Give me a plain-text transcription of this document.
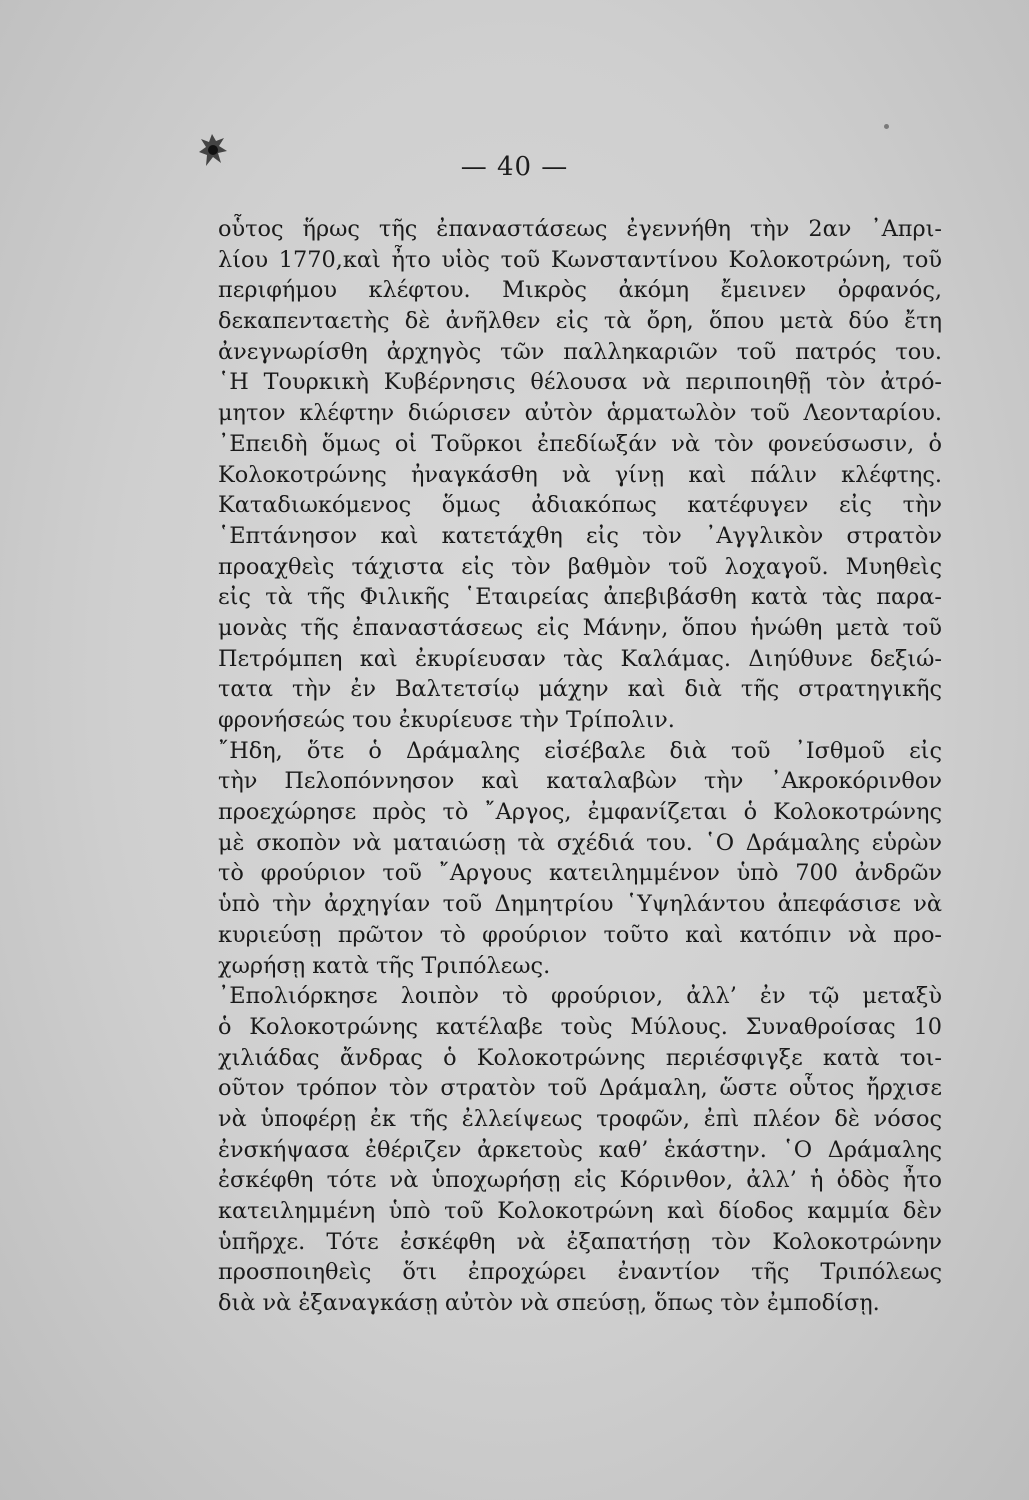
— 40 —
οὗτος ἥρως τῆς ἐπαναστάσεως ἐγεννήθη τὴν 2αν ᾿Απρι-
λίου 1770,καὶ ἦτο υἱὸς τοῦ Κωνσταντίνου Κολοκοτρώνη, τοῦ
περιφήμου κλέφτου. Μικρὸς ἀκόμη ἔμεινεν ὀρφανός,
δεκαπενταετὴς δὲ ἀνῆλθεν εἰς τὰ ὄρη, ὅπου μετὰ δύο ἔτη
ἀνεγνωρίσθη ἀρχηγὸς τῶν παλληκαριῶν τοῦ πατρός του.
῾Η Τουρκικὴ Κυβέρνησις θέλουσα νὰ περιποιηθῇ τὸν ἀτρό-
μητον κλέφτην διώρισεν αὐτὸν ἁρματωλὸν τοῦ Λεονταρίου.
᾿Επειδὴ ὅμως οἱ Τοῦρκοι ἐπεδίωξάν νὰ τὸν φονεύσωσιν, ὁ
Κολοκοτρώνης ἠναγκάσθη νὰ γίνῃ καὶ πάλιν κλέφτης.
Καταδιωκόμενος ὅμως ἀδιακόπως κατέφυγεν εἰς τὴν
῾Επτάνησον καὶ κατετάχθη εἰς τὸν ᾿Αγγλικὸν στρατὸν
προαχθεὶς τάχιστα εἰς τὸν βαθμὸν τοῦ λοχαγοῦ. Μυηθεὶς
εἰς τὰ τῆς Φιλικῆς ῾Εταιρείας ἀπεβιβάσθη κατὰ τὰς παρα-
μονὰς τῆς ἐπαναστάσεως εἰς Μάνην, ὅπου ἡνώθη μετὰ τοῦ
Πετρόμπεη καὶ ἐκυρίευσαν τὰς Καλάμας. Διηύθυνε δεξιώ-
τατα τὴν ἐν Βαλτετσίῳ μάχην καὶ διὰ τῆς στρατηγικῆς
φρονήσεώς του ἐκυρίευσε τὴν Τρίπολιν.
῎Ηδη, ὅτε ὁ Δράμαλης εἰσέβαλε διὰ τοῦ ᾿Ισθμοῦ εἰς
τὴν Πελοπόννησον καὶ καταλαβὼν τὴν ᾿Ακροκόρινθον
προεχώρησε πρὸς τὸ ῎Αργος, ἐμφανίζεται ὁ Κολοκοτρώνης
μὲ σκοπὸν νὰ ματαιώσῃ τὰ σχέδιά του. ῾Ο Δράμαλης εὑρὼν
τὸ φρούριον τοῦ ῎Αργους κατειλημμένον ὑπὸ 700 ἀνδρῶν
ὑπὸ τὴν ἀρχηγίαν τοῦ Δημητρίου ῾Υψηλάντου ἀπεφάσισε νὰ
κυριεύσῃ πρῶτον τὸ φρούριον τοῦτο καὶ κατόπιν νὰ προ-
χωρήσῃ κατὰ τῆς Τριπόλεως.
᾿Επολιόρκησε λοιπὸν τὸ φρούριον, ἀλλ’ ἐν τῷ μεταξὺ
ὁ Κολοκοτρώνης κατέλαβε τοὺς Μύλους. Συναθροίσας 10
χιλιάδας ἄνδρας ὁ Κολοκοτρώνης περιέσφιγξε κατὰ τοι-
οῦτον τρόπον τὸν στρατὸν τοῦ Δράμαλη, ὥστε οὗτος ἤρχισε
νὰ ὑποφέρῃ ἐκ τῆς ἐλλείψεως τροφῶν, ἐπὶ πλέον δὲ νόσος
ἐνσκήψασα ἐθέριζεν ἀρκετοὺς καθ’ ἑκάστην. ῾Ο Δράμαλης
ἐσκέφθη τότε νὰ ὑποχωρήσῃ εἰς Κόρινθον, ἀλλ’ ἡ ὁδὸς ἦτο
κατειλημμένη ὑπὸ τοῦ Κολοκοτρώνη καὶ δίοδος καμμία δὲν
ὑπῆρχε. Τότε ἐσκέφθη νὰ ἐξαπατήσῃ τὸν Κολοκοτρώνην
προσποιηθεὶς ὅτι ἐπροχώρει ἐναντίον τῆς Τριπόλεως
διὰ νὰ ἐξαναγκάσῃ αὐτὸν νὰ σπεύσῃ, ὅπως τὸν ἐμποδίσῃ.
